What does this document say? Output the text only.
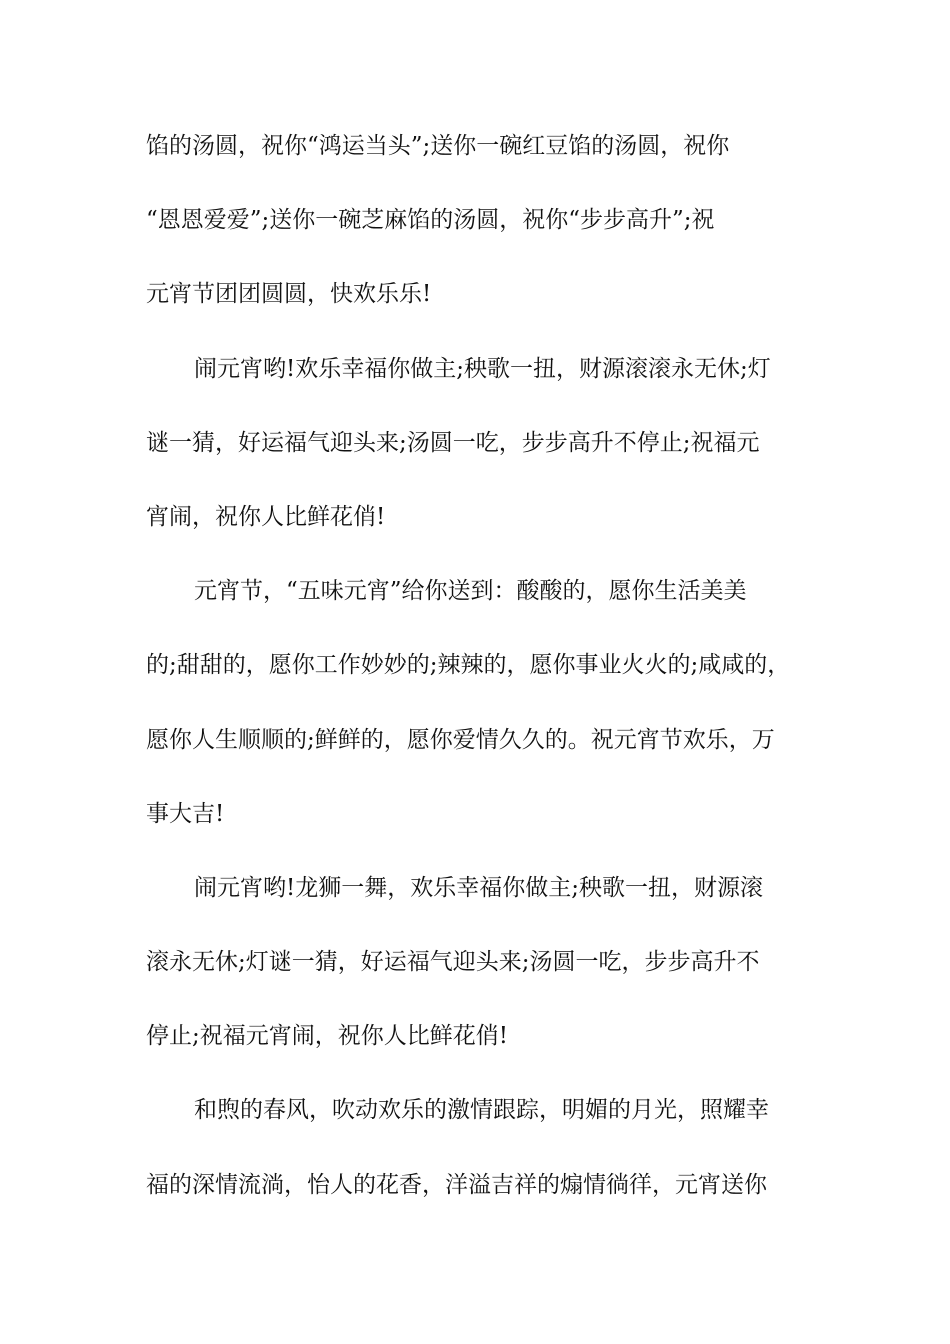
馅的汤圆，祝你“鸿运当头”;送你一碗红豆馅的汤圆，祝你
“恩恩爱爱”;送你一碗芝麻馅的汤圆，祝你“步步高升”;祝
元宵节团团圆圆，快欢乐乐!
闹元宵哟!欢乐幸福你做主;秧歌一扭，财源滚滚永无休;灯
谜一猜，好运福气迎头来;汤圆一吃，步步高升不停止;祝福元
宵闹，祝你人比鲜花俏!
元宵节，“五味元宵”给你送到：酸酸的，愿你生活美美
的;甜甜的，愿你工作妙妙的;辣辣的，愿你事业火火的;咸咸的，
愿你人生顺顺的;鲜鲜的，愿你爱情久久的。祝元宵节欢乐，万
事大吉!
闹元宵哟!龙狮一舞，欢乐幸福你做主;秧歌一扭，财源滚
滚永无休;灯谜一猜，好运福气迎头来;汤圆一吃，步步高升不
停止;祝福元宵闹，祝你人比鲜花俏!
和煦的春风，吹动欢乐的激情跟踪，明媚的月光，照耀幸
福的深情流淌，怡人的花香，洋溢吉祥的煽情徜徉，元宵送你
